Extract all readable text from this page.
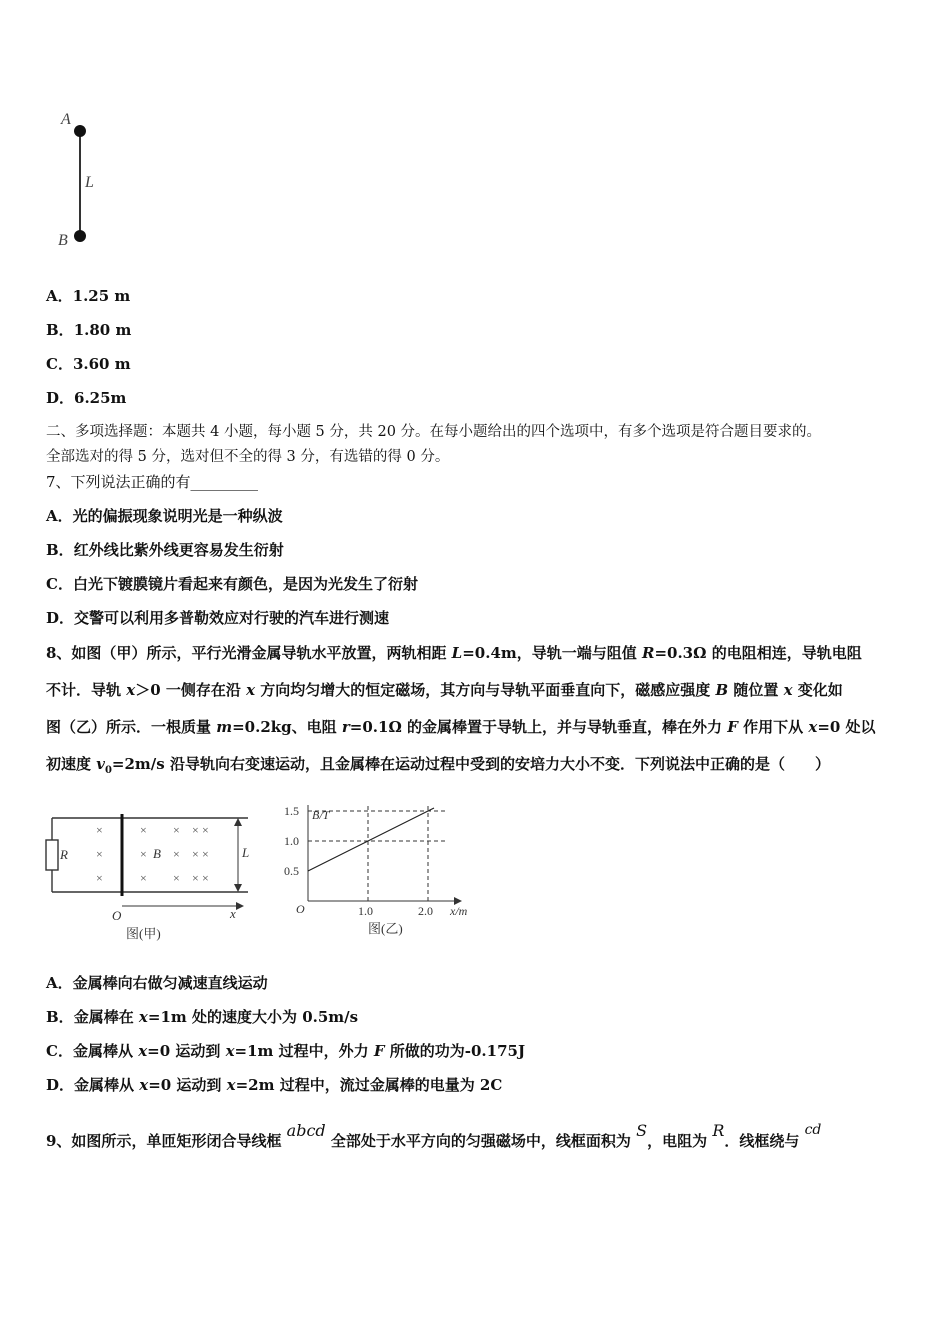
A
B
L
A．1.25 m
B．1.80 m
C．3.60 m
D．6.25m
二、多项选择题：本题共 4 小题，每小题 5 分，共 20 分。在每小题给出的四个选项中，有多个选项是符合题目要求的。
全部选对的得 5 分，选对但不全的得 3 分，有选错的得 0 分。
7、下列说法正确的有_________
A．光的偏振现象说明光是一种纵波
B．红外线比紫外线更容易发生衍射
C．白光下镀膜镜片看起来有颜色，是因为光发生了衍射
D．交警可以利用多普勒效应对行驶的汽车进行测速
8、如图（甲）所示，平行光滑金属导轨水平放置，两轨相距 L=0.4m，导轨一端与阻值 R=0.3Ω 的电阻相连，导轨电阻
不计．导轨 x＞0 一侧存在沿 x 方向均匀增大的恒定磁场，其方向与导轨平面垂直向下，磁感应强度 B 随位置 x 变化如
图（乙）所示．一根质量 m=0.2kg、电阻 r=0.1Ω 的金属棒置于导轨上，并与导轨垂直，棒在外力 F 作用下从 x=0 处以
初速度 $v_0=2m/s$ 沿导轨向右变速运动，且金属棒在运动过程中受到的安培力大小不变．下列说法中正确的是（　　）
R
×
×
×
×
×
×
B
×
×
×
×
×
×
×
×
×
L
O	x
图(甲)
0.5
1.0
1.5
1.0	2.0
O	x/m
B/T
图(乙)
A．金属棒向右做匀减速直线运动
B．金属棒在 x=1m 处的速度大小为 0.5m/s
C．金属棒从 x=0 运动到 x=1m 过程中，外力 F 所做的功为-0.175J
D．金属棒从 x=0 运动到 x=2m 过程中，流过金属棒的电量为 2C
9、如图所示，单匝矩形闭合导线框 abcd 全部处于水平方向的匀强磁场中，线框面积为 S，电阻为 R．线框绕与 cd
